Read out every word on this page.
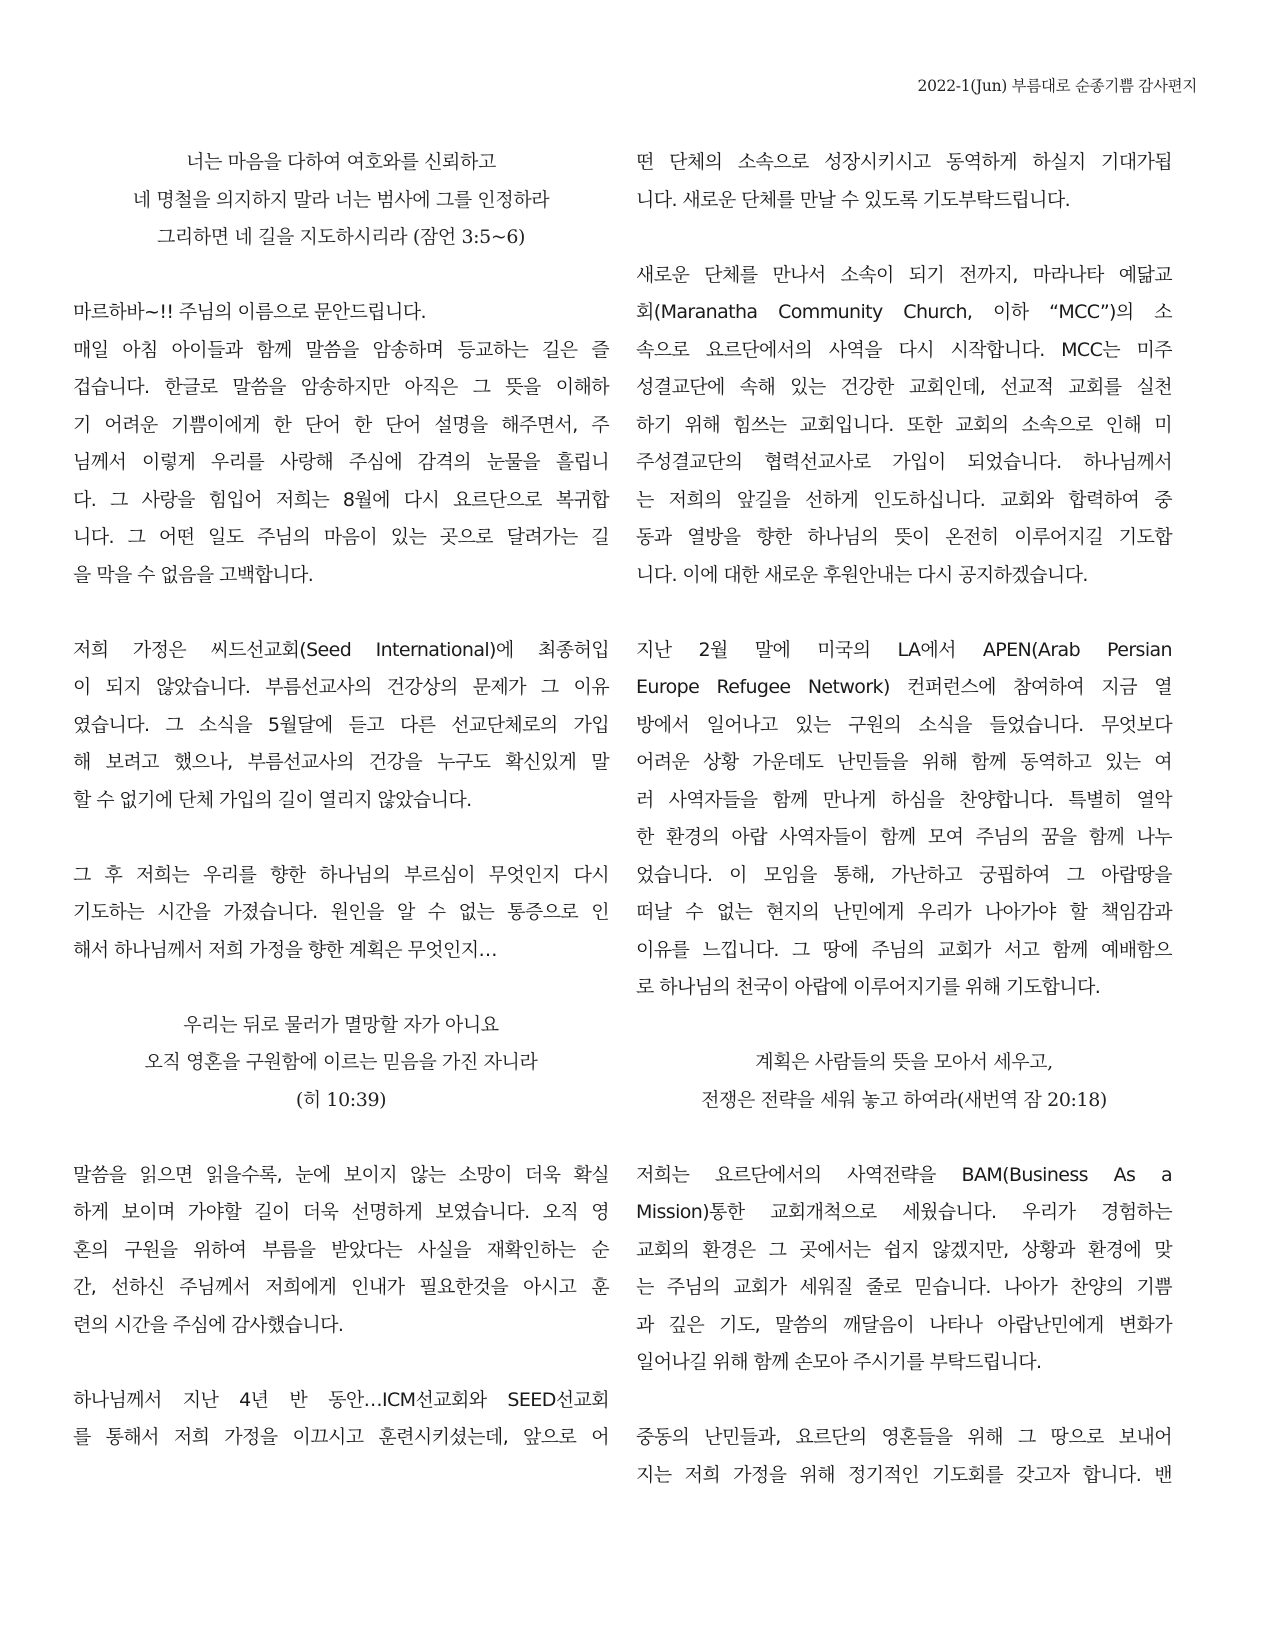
2022-1(Jun) 부름대로 순종기쁨 감사편지
너는 마음을 다하여 여호와를 신뢰하고
네 명철을 의지하지 말라 너는 범사에 그를 인정하라
그리하면 네 길을 지도하시리라 (잠언 3:5~6)
마르하바~!! 주님의 이름으로 문안드립니다.
매일 아침 아이들과 함께 말씀을 암송하며 등교하는 길은 즐
겁습니다. 한글로 말씀을 암송하지만 아직은 그 뜻을 이해하
기 어려운 기쁨이에게 한 단어 한 단어 설명을 해주면서, 주
님께서 이렇게 우리를 사랑해 주심에 감격의 눈물을 흘립니
다. 그 사랑을 힘입어 저희는 8월에 다시 요르단으로 복귀합
니다. 그 어떤 일도 주님의 마음이 있는 곳으로 달려가는 길
을 막을 수 없음을 고백합니다.
저희 가정은 씨드선교회(Seed International)에 최종허입
이 되지 않았습니다. 부름선교사의 건강상의 문제가 그 이유
였습니다. 그 소식을 5월달에 듣고 다른 선교단체로의 가입
해 보려고 했으나, 부름선교사의 건강을 누구도 확신있게 말
할 수 없기에 단체 가입의 길이 열리지 않았습니다.
그 후 저희는 우리를 향한 하나님의 부르심이 무엇인지 다시
기도하는 시간을 가졌습니다. 원인을 알 수 없는 통증으로 인
해서 하나님께서 저희 가정을 향한 계획은 무엇인지…
우리는 뒤로 물러가 멸망할 자가 아니요
오직 영혼을 구원함에 이르는 믿음을 가진 자니라
(히 10:39)
말씀을 읽으면 읽을수록, 눈에 보이지 않는 소망이 더욱 확실
하게 보이며 가야할 길이 더욱 선명하게 보였습니다. 오직 영
혼의 구원을 위하여 부름을 받았다는 사실을 재확인하는 순
간, 선하신 주님께서 저희에게 인내가 필요한것을 아시고 훈
련의 시간을 주심에 감사했습니다.
하나님께서 지난 4년 반 동안…ICM선교회와 SEED선교회
를 통해서 저희 가정을 이끄시고 훈련시키셨는데, 앞으로 어
떤 단체의 소속으로 성장시키시고 동역하게 하실지 기대가됩
니다. 새로운 단체를 만날 수 있도록 기도부탁드립니다.
새로운 단체를 만나서 소속이 되기 전까지, 마라나타 예닮교
회(Maranatha Community Church, 이하 “MCC”)의 소
속으로 요르단에서의 사역을 다시 시작합니다. MCC는 미주
성결교단에 속해 있는 건강한 교회인데, 선교적 교회를 실천
하기 위해 힘쓰는 교회입니다. 또한 교회의 소속으로 인해 미
주성결교단의 협력선교사로 가입이 되었습니다. 하나님께서
는 저희의 앞길을 선하게 인도하십니다. 교회와 합력하여 중
동과 열방을 향한 하나님의 뜻이 온전히 이루어지길 기도합
니다. 이에 대한 새로운 후원안내는 다시 공지하겠습니다.
지난 2월 말에 미국의 LA에서 APEN(Arab Persian
Europe Refugee Network) 컨퍼런스에 참여하여 지금 열
방에서 일어나고 있는 구원의 소식을 들었습니다. 무엇보다
어려운 상황 가운데도 난민들을 위해 함께 동역하고 있는 여
러 사역자들을 함께 만나게 하심을 찬양합니다. 특별히 열악
한 환경의 아랍 사역자들이 함께 모여 주님의 꿈을 함께 나누
었습니다. 이 모임을 통해, 가난하고 궁핍하여 그 아랍땅을
떠날 수 없는 현지의 난민에게 우리가 나아가야 할 책임감과
이유를 느낍니다. 그 땅에 주님의 교회가 서고 함께 예배함으
로 하나님의 천국이 아랍에 이루어지기를 위해 기도합니다.
계획은 사람들의 뜻을 모아서 세우고,
전쟁은 전략을 세워 놓고 하여라(새번역 잠 20:18)
저희는 요르단에서의 사역전략을 BAM(Business As a
Mission)통한 교회개척으로 세웠습니다. 우리가 경험하는
교회의 환경은 그 곳에서는 쉽지 않겠지만, 상황과 환경에 맞
는 주님의 교회가 세워질 줄로 믿습니다. 나아가 찬양의 기쁨
과 깊은 기도, 말씀의 깨달음이 나타나 아랍난민에게 변화가
일어나길 위해 함께 손모아 주시기를 부탁드립니다.
중동의 난민들과, 요르단의 영혼들을 위해 그 땅으로 보내어
지는 저희 가정을 위해 정기적인 기도회를 갖고자 합니다. 밴
